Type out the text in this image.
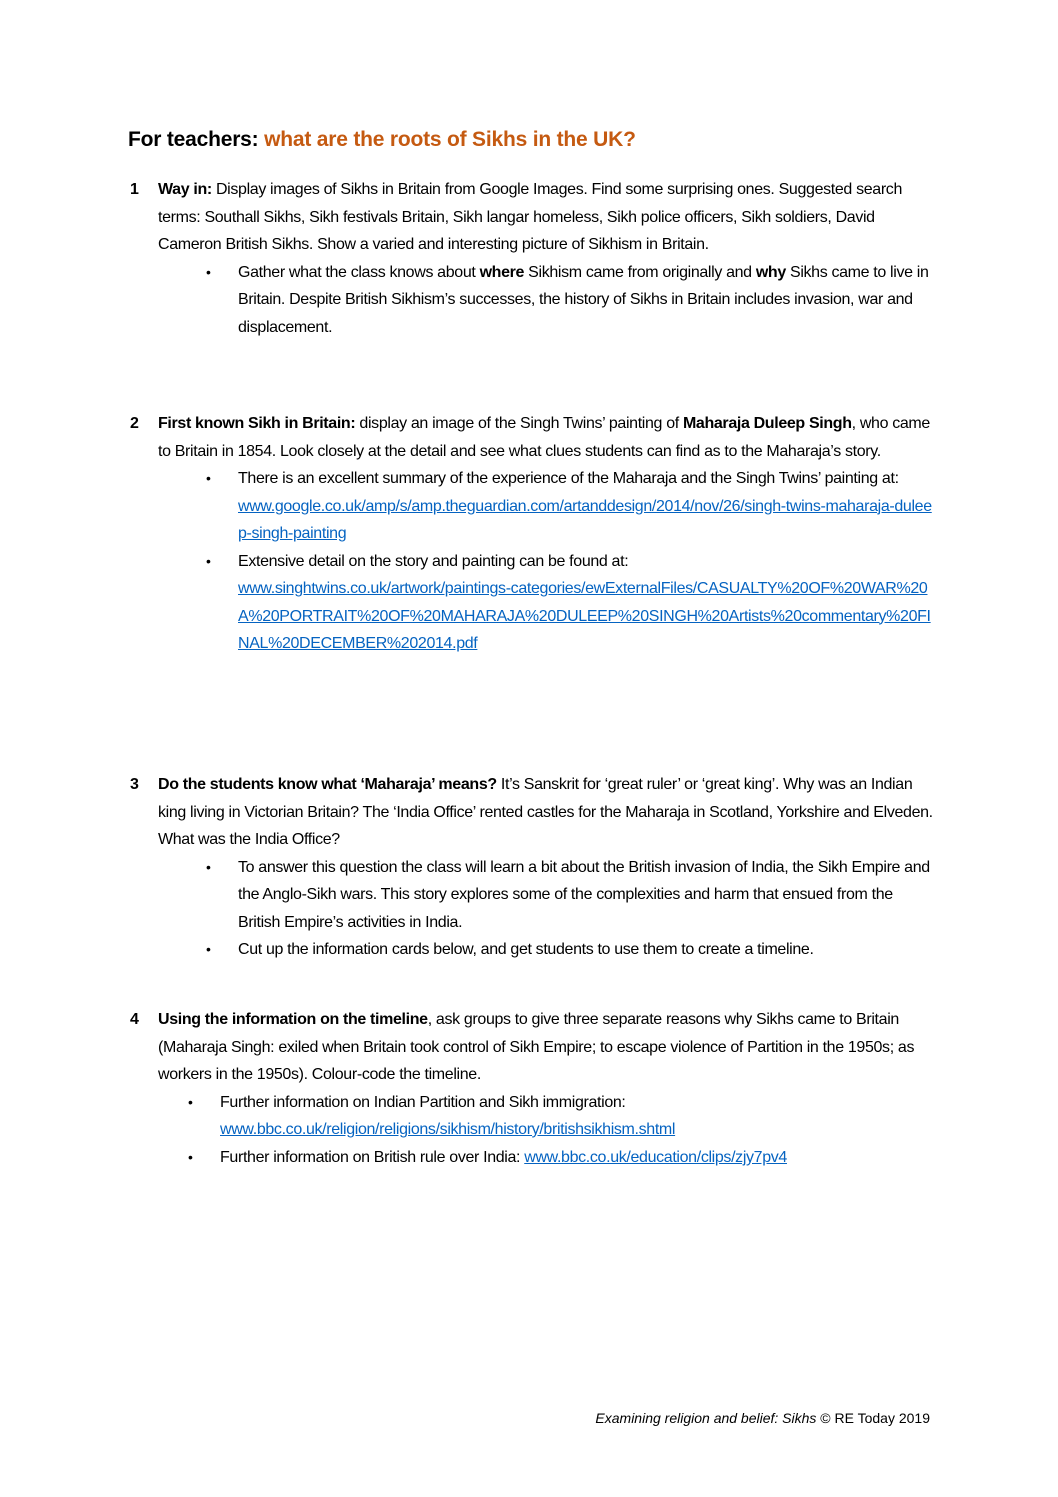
For teachers: what are the roots of Sikhs in the UK?
1	Way in: Display images of Sikhs in Britain from Google Images. Find some surprising ones. Suggested search terms: Southall Sikhs, Sikh festivals Britain, Sikh langar homeless, Sikh police officers, Sikh soldiers, David Cameron British Sikhs. Show a varied and interesting picture of Sikhism in Britain.
• Gather what the class knows about where Sikhism came from originally and why Sikhs came to live in Britain. Despite British Sikhism’s successes, the history of Sikhs in Britain includes invasion, war and displacement.
2	First known Sikh in Britain: display an image of the Singh Twins’ painting of Maharaja Duleep Singh, who came to Britain in 1854. Look closely at the detail and see what clues students can find as to the Maharaja’s story.
• There is an excellent summary of the experience of the Maharaja and the Singh Twins’ painting at:
www.google.co.uk/amp/s/amp.theguardian.com/artanddesign/2014/nov/26/singh-twins-maharaja-duleep-singh-painting
• Extensive detail on the story and painting can be found at:
www.singhtwins.co.uk/artwork/paintings-categories/ewExternalFiles/CASUALTY%20OF%20WAR%20A%20PORTRAIT%20OF%20MAHARAJA%20DULEEP%20SINGH%20Artists%20commentary%20FINAL%20DECEMBER%202014.pdf
3	Do the students know what ‘Maharaja’ means? It’s Sanskrit for ‘great ruler’ or ‘great king’. Why was an Indian king living in Victorian Britain? The ‘India Office’ rented castles for the Maharaja in Scotland, Yorkshire and Elveden. What was the India Office?
• To answer this question the class will learn a bit about the British invasion of India, the Sikh Empire and the Anglo-Sikh wars. This story explores some of the complexities and harm that ensued from the British Empire’s activities in India.
• Cut up the information cards below, and get students to use them to create a timeline.
4	Using the information on the timeline, ask groups to give three separate reasons why Sikhs came to Britain (Maharaja Singh: exiled when Britain took control of Sikh Empire; to escape violence of Partition in the 1950s; as workers in the 1950s). Colour-code the timeline.
• Further information on Indian Partition and Sikh immigration:
www.bbc.co.uk/religion/religions/sikhism/history/britishsikhism.shtml
• Further information on British rule over India: www.bbc.co.uk/education/clips/zjy7pv4
Examining religion and belief: Sikhs © RE Today 2019
